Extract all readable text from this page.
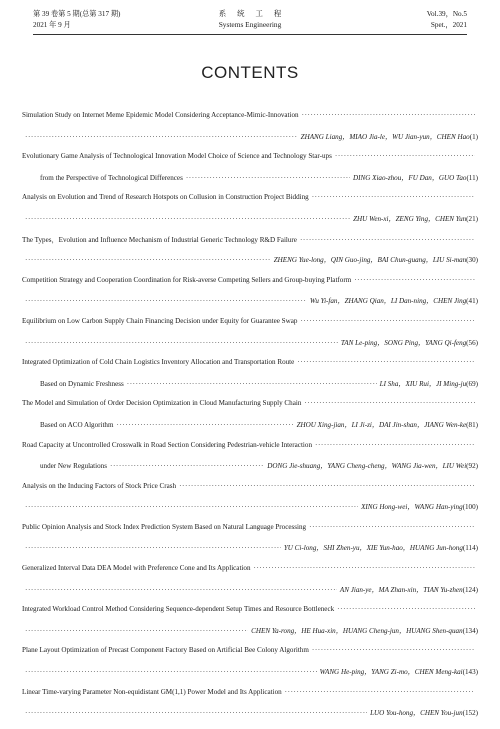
第 39 卷第 5 期(总第 317 期)
2021 年 9 月
系统工程
Systems Engineering
Vol.39，No.5
Spet.，2021
CONTENTS
Simulation Study on Internet Meme Epidemic Model Considering Acceptance-Mimic-Innovation
·····
·····
ZHANG Liang，MIAO Jia-le，WU Jian-yun，CHEN Hao (1)
Evolutionary Game Analysis of Technological Innovation Model Choice of Science and Technology Star-ups
·····
from the Perspective of Technological Differences ·····	DING Xiao-zhou，FU Dan，GUO Tao (11)
Analysis on Evolution and Trend of Research Hotspots on Collusion in Construction Project Bidding
·····
·····
ZHU Wen-xi，ZENG Ying，CHEN Yun (21)
The Types，Evolution and Influence Mechanism of Industrial Generic Technology R&D Failure
·····
·····
ZHENG Yue-long，QIN Guo-jing，BAI Chun-guang，LIU Si-man (30)
Competition Strategy and Cooperation Coordination for Risk-averse Competing Sellers and Group-buying Platform
·····
·····
Wu Yi-fan，ZHANG Qian，LI Dan-ning，CHEN Jing (41)
Equilibrium on Low Carbon Supply Chain Financing Decision under Equity for Guarantee Swap
·····
·····
TAN Le-ping，SONG Ping，YANG Qi-feng (56)
Integrated Optimization of Cold Chain Logistics Inventory Allocation and Transportation Route
·····
Based on Dynamic Freshness ·····	LI Sha，XIU Rui，JI Ming-ju (69)
The Model and Simulation of Order Decision Optimization in Cloud Manufacturing Supply Chain
·····
Based on ACO Algorithm ·····	ZHOU Xing-jian，LI Ji-zi，DAI Jin-shan，JIANG Wen-ke (81)
Road Capacity at Uncontrolled Crosswalk in Road Section Considering Pedestrian-vehicle Interaction
·····
under New Regulations ·····	DONG Jie-shuang，YANG Cheng-cheng，WANG Jia-wen，LIU Wei (92)
Analysis on the Inducing Factors of Stock Price Crash
·····
·····
XING Hong-wei，WANG Han-ying (100)
Public Opinion Analysis and Stock Index Prediction System Based on Natural Language Processing
·····
·····
YU Ci-long，SHI Zhen-yu，XIE Yun-hao，HUANG Jun-hong (114)
Generalized Interval Data DEA Model with Preference Cone and Its Application
·····
·····
AN Jian-ye，MA Zhan-xin，TIAN Yu-zhen (124)
Integrated Workload Control Method Considering Sequence-dependent Setup Times and Resource Bottleneck
·····
·····
CHEN Ya-rong，HE Hua-xin，HUANG Cheng-jun，HUANG Shen-quan (134)
Plane Layout Optimization of Precast Component Factory Based on Artificial Bee Colony Algorithm
·····
·····
WANG He-ping，YANG Zi-mo，CHEN Meng-kai (143)
Linear Time-varying Parameter Non-equidistant GM(1,1) Power Model and Its Application
·····
·····
LUO You-hong，CHEN You-jun (152)
